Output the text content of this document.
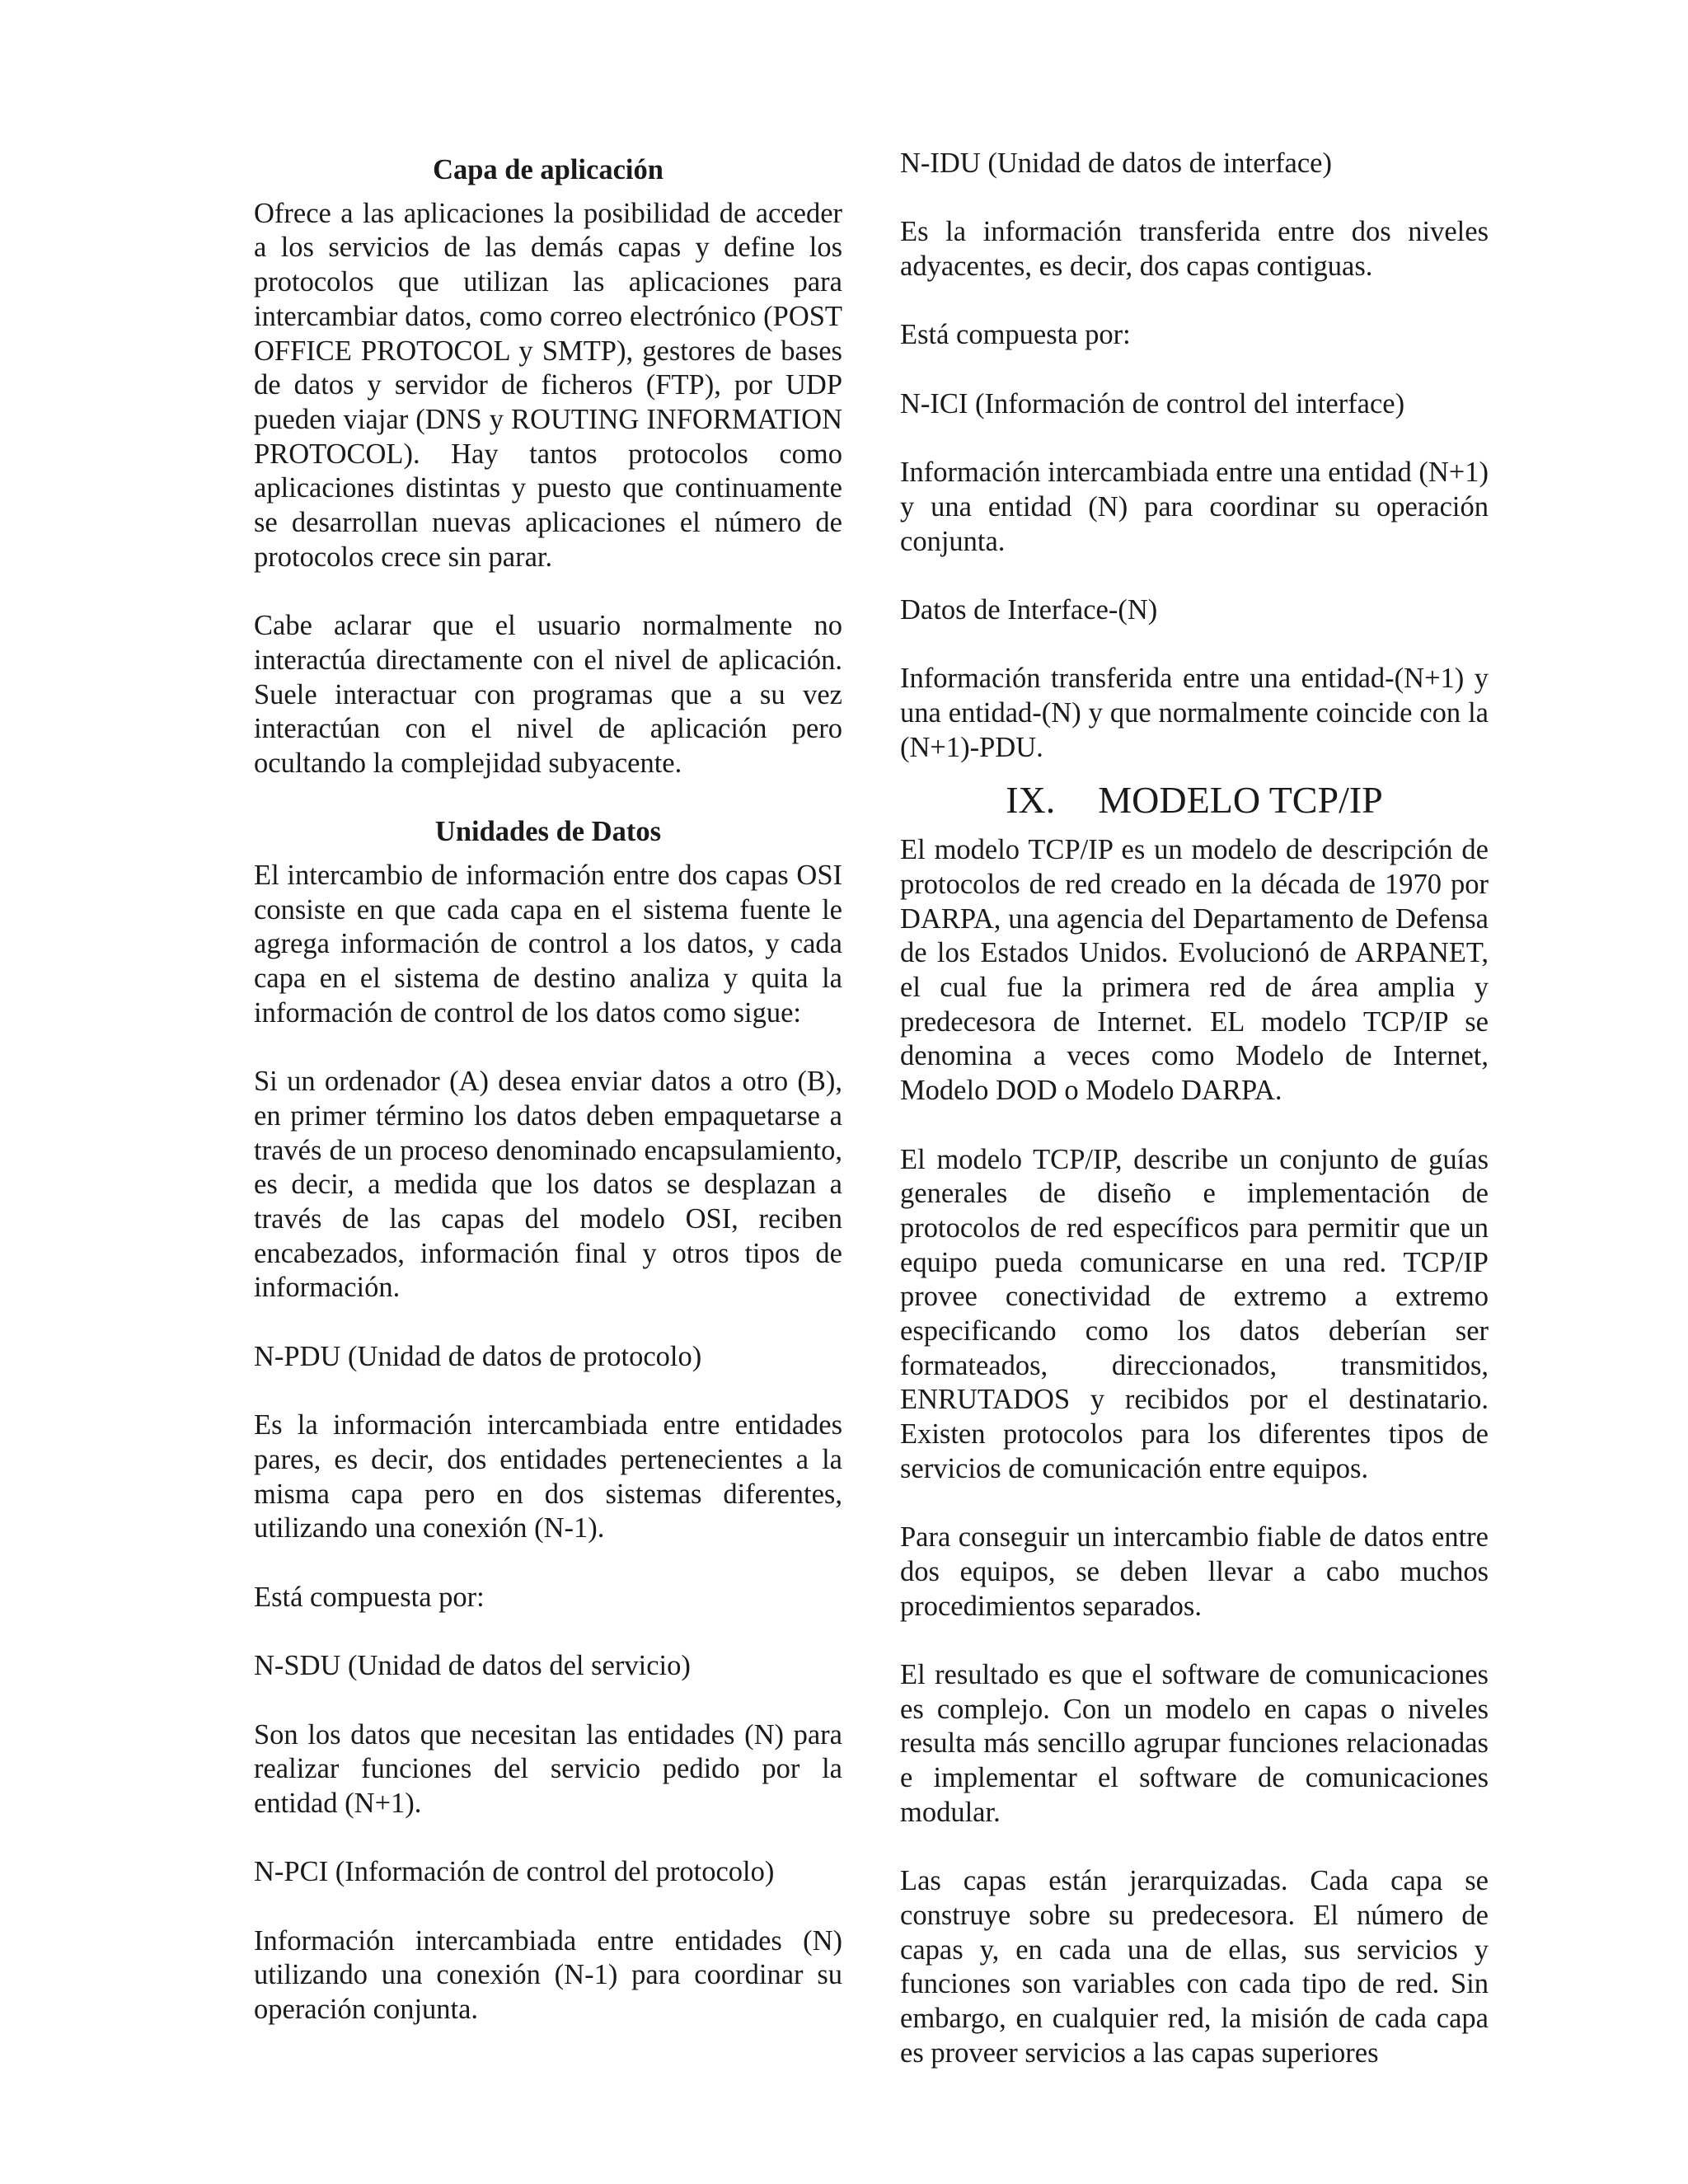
Capa de aplicación
Ofrece a las aplicaciones la posibilidad de acceder a los servicios de las demás capas y define los protocolos que utilizan las aplicaciones para intercambiar datos, como correo electrónico (POST OFFICE PROTOCOL y SMTP), gestores de bases de datos y servidor de ficheros (FTP), por UDP pueden viajar (DNS y ROUTING INFORMATION PROTOCOL). Hay tantos protocolos como aplicaciones distintas y puesto que continuamente se desarrollan nuevas aplicaciones el número de protocolos crece sin parar.
Cabe aclarar que el usuario normalmente no interactúa directamente con el nivel de aplicación. Suele interactuar con programas que a su vez interactúan con el nivel de aplicación pero ocultando la complejidad subyacente.
Unidades de Datos
El intercambio de información entre dos capas OSI consiste en que cada capa en el sistema fuente le agrega información de control a los datos, y cada capa en el sistema de destino analiza y quita la información de control de los datos como sigue:
Si un ordenador (A) desea enviar datos a otro (B), en primer término los datos deben empaquetarse a través de un proceso denominado encapsulamiento, es decir, a medida que los datos se desplazan a través de las capas del modelo OSI, reciben encabezados, información final y otros tipos de información.
N-PDU (Unidad de datos de protocolo)
Es la información intercambiada entre entidades pares, es decir, dos entidades pertenecientes a la misma capa pero en dos sistemas diferentes, utilizando una conexión (N-1).
Está compuesta por:
N-SDU (Unidad de datos del servicio)
Son los datos que necesitan las entidades (N) para realizar funciones del servicio pedido por la entidad (N+1).
N-PCI (Información de control del protocolo)
Información intercambiada entre entidades (N) utilizando una conexión (N-1) para coordinar su operación conjunta.
N-IDU (Unidad de datos de interface)
Es la información transferida entre dos niveles adyacentes, es decir, dos capas contiguas.
Está compuesta por:
N-ICI (Información de control del interface)
Información intercambiada entre una entidad (N+1) y una entidad (N) para coordinar su operación conjunta.
Datos de Interface-(N)
Información transferida entre una entidad-(N+1) y una entidad-(N) y que normalmente coincide con la (N+1)-PDU.
IX. MODELO TCP/IP
El modelo TCP/IP es un modelo de descripción de protocolos de red creado en la década de 1970 por DARPA, una agencia del Departamento de Defensa de los Estados Unidos. Evolucionó de ARPANET, el cual fue la primera red de área amplia y predecesora de Internet. EL modelo TCP/IP se denomina a veces como Modelo de Internet, Modelo DOD o Modelo DARPA.
El modelo TCP/IP, describe un conjunto de guías generales de diseño e implementación de protocolos de red específicos para permitir que un equipo pueda comunicarse en una red. TCP/IP provee conectividad de extremo a extremo especificando como los datos deberían ser formateados, direccionados, transmitidos, ENRUTADOS y recibidos por el destinatario. Existen protocolos para los diferentes tipos de servicios de comunicación entre equipos.
Para conseguir un intercambio fiable de datos entre dos equipos, se deben llevar a cabo muchos procedimientos separados.
El resultado es que el software de comunicaciones es complejo. Con un modelo en capas o niveles resulta más sencillo agrupar funciones relacionadas e implementar el software de comunicaciones modular.
Las capas están jerarquizadas. Cada capa se construye sobre su predecesora. El número de capas y, en cada una de ellas, sus servicios y funciones son variables con cada tipo de red. Sin embargo, en cualquier red, la misión de cada capa es proveer servicios a las capas superiores
